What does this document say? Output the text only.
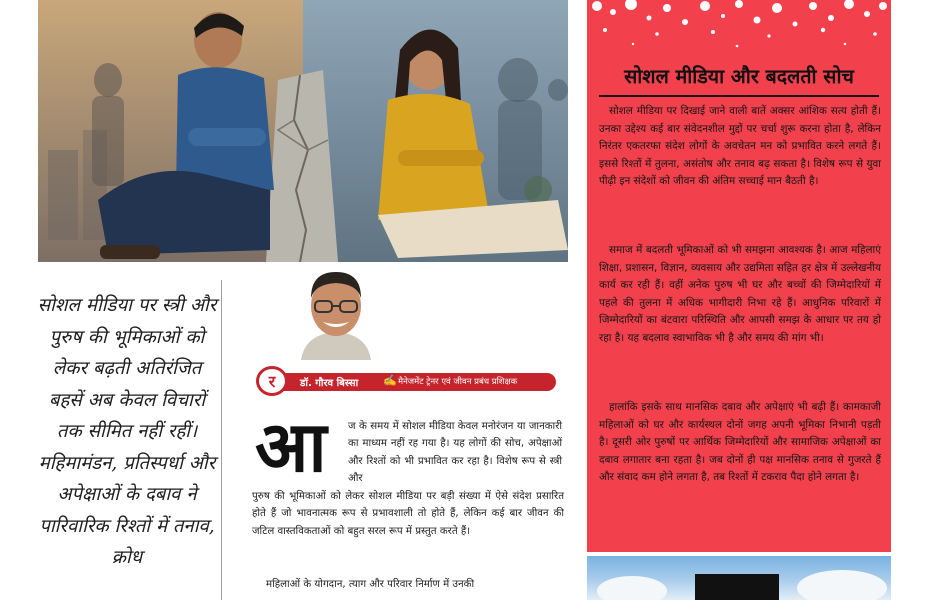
सोशल मीडिया पर स्त्री और पुरुष की भूमिकाओं को लेकर बढ़ती अतिरंजित बहसें अब केवल विचारों तक सीमित नहीं रहीं। महिमामंडन, प्रतिस्पर्धा और अपेक्षाओं के दबाव ने पारिवारिक रिश्तों में तनाव, क्रोध
र	डॉ. गौरव बिस्सा ✍ मैनेजमेंट ट्रेनर एवं जीवन प्रबंध प्रशिक्षक
आ	ज के समय में सोशल मीडिया केवल मनोरंजन या जानकारी का माध्यम नहीं रह गया है। यह लोगों की सोच, अपेक्षाओं और रिश्तों को भी प्रभावित कर रहा है। विशेष रूप से स्त्री और
पुरुष की भूमिकाओं को लेकर सोशल मीडिया पर बड़ी संख्या में ऐसे संदेश प्रसारित होते हैं जो भावनात्मक रूप से प्रभावशाली तो होते हैं, लेकिन कई बार जीवन की जटिल वास्तविकताओं को बहुत सरल रूप में प्रस्तुत करते हैं।
महिलाओं के योगदान, त्याग और परिवार निर्माण में उनकी
सोशल मीडिया और बदलती सोच
सोशल मीडिया पर दिखाई जाने वाली बातें अक्सर आंशिक सत्य होती हैं। उनका उद्देश्य कई बार संवेदनशील मुद्दों पर चर्चा शुरू करना होता है, लेकिन निरंतर एकतरफा संदेश लोगों के अवचेतन मन को प्रभावित करने लगते हैं। इससे रिश्तों में तुलना, असंतोष और तनाव बढ़ सकता है। विशेष रूप से युवा पीढ़ी इन संदेशों को जीवन की अंतिम सच्चाई मान बैठती है।
समाज में बदलती भूमिकाओं को भी समझना आवश्यक है। आज महिलाएं शिक्षा, प्रशासन, विज्ञान, व्यवसाय और उद्यमिता सहित हर क्षेत्र में उल्लेखनीय कार्य कर रही हैं। वहीं अनेक पुरुष भी घर और बच्चों की जिम्मेदारियों में पहले की तुलना में अधिक भागीदारी निभा रहे हैं। आधुनिक परिवारों में जिम्मेदारियों का बंटवारा परिस्थिति और आपसी समझ के आधार पर तय हो रहा है। यह बदलाव स्वाभाविक भी है और समय की मांग भी।
हालांकि इसके साथ मानसिक दबाव और अपेक्षाएं भी बढ़ी हैं। कामकाजी महिलाओं को घर और कार्यस्थल दोनों जगह अपनी भूमिका निभानी पड़ती है। दूसरी ओर पुरुषों पर आर्थिक जिम्मेदारियों और सामाजिक अपेक्षाओं का दबाव लगातार बना रहता है। जब दोनों ही पक्ष मानसिक तनाव से गुजरते हैं और संवाद कम होने लगता है, तब रिश्तों में टकराव पैदा होने लगता है।
